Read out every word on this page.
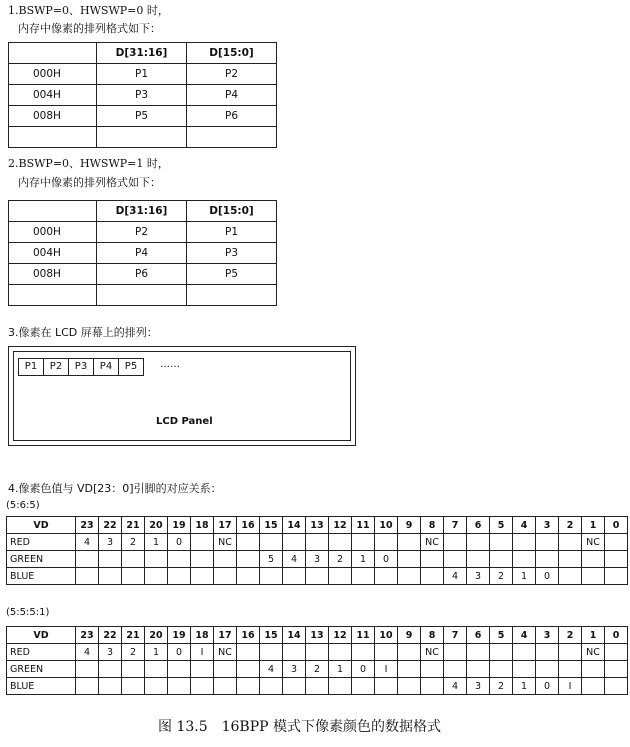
1.BSWP=0、HWSWP=0 时，
内存中像素的排列格式如下：
	D[31:16]	D[15:0]
000H	P1	P2
004H	P3	P4
008H	P5	P6

2.BSWP=0、HWSWP=1 时，
内存中像素的排列格式如下：
	D[31:16]	D[15:0]
000H	P2	P1
004H	P4	P3
008H	P6	P5

3.像素在 LCD 屏幕上的排列：
P1	P2	P3	P4	P5	……
LCD Panel
4.像素色值与 VD[23：0]引脚的对应关系：
(5:6:5)
VD	23	22	21	20	19	18	17	16	15	14	13	12	11	10	9	8	7	6	5	4	3	2	1	0	
RED	4	3	2	1	0		NC									NC							NC		
GREEN									5	4	3	2	1	0											
BLUE																	4	3	2	1	0				
(5:5:5:1)
VD	23	22	21	20	19	18	17	16	15	14	13	12	11	10	9	8	7	6	5	4	3	2	1	0	
RED	4	3	2	1	0	I	NC									NC							NC		
GREEN									4	3	2	1	0	I											
BLUE																	4	3	2	1	0	I			
图 13.5　16BPP 模式下像素颜色的数据格式
